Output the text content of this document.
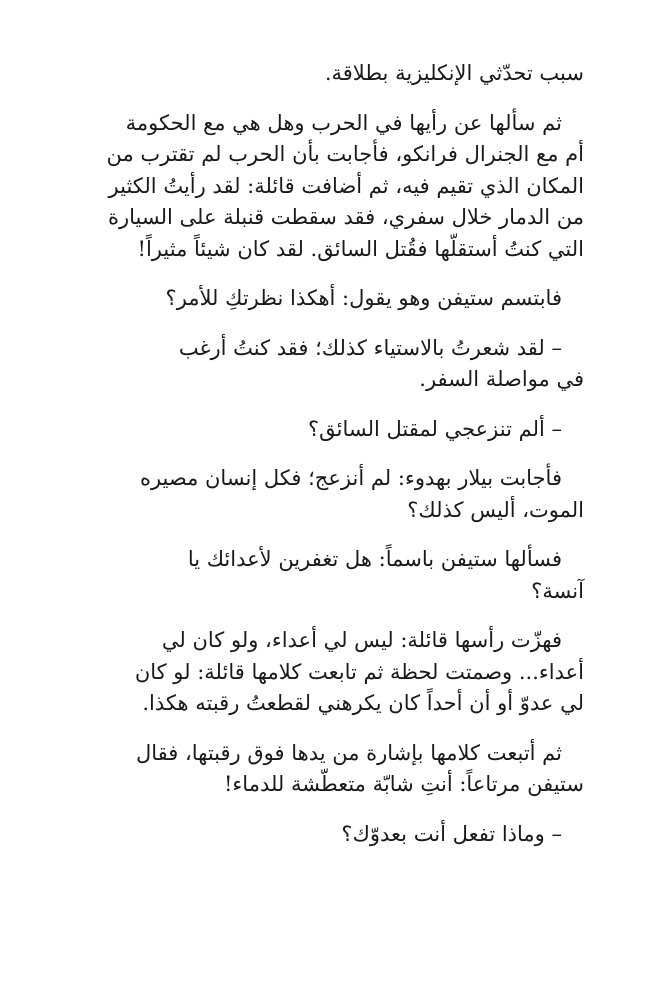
سبب تحدّثي الإنكليزية بطلاقة.

ثم سألها عن رأيها في الحرب وهل هي مع الحكومة
أم مع الجنرال فرانكو، فأجابت بأن الحرب لم تقترب من
المكان الذي تقيم فيه، ثم أضافت قائلة: لقد رأيتُ الكثير
من الدمار خلال سفري، فقد سقطت قنبلة على السيارة
التي كنتُ أستقلّها فقُتل السائق. لقد كان شيئاً مثيراً!

فابتسم ستيفن وهو يقول: أهكذا نظرتكِ للأمر؟

– لقد شعرتُ بالاستياء كذلك؛ فقد كنتُ أرغب
في مواصلة السفر.

– ألم تنزعجي لمقتل السائق؟

فأجابت بيلار بهدوء: لم أنزعج؛ فكل إنسان مصيره
الموت، أليس كذلك؟

فسألها ستيفن باسماً: هل تغفرين لأعدائك يا
آنسة؟

فهزّت رأسها قائلة: ليس لي أعداء، ولو كان لي
أعداء... وصمتت لحظة ثم تابعت كلامها قائلة: لو كان
لي عدوّ أو أن أحداً كان يكرهني لقطعتُ رقبته هكذا.

ثم أتبعت كلامها بإشارة من يدها فوق رقبتها، فقال
ستيفن مرتاعاً: أنتِ شابّة متعطّشة للدماء!

– وماذا تفعل أنت بعدوّك؟
